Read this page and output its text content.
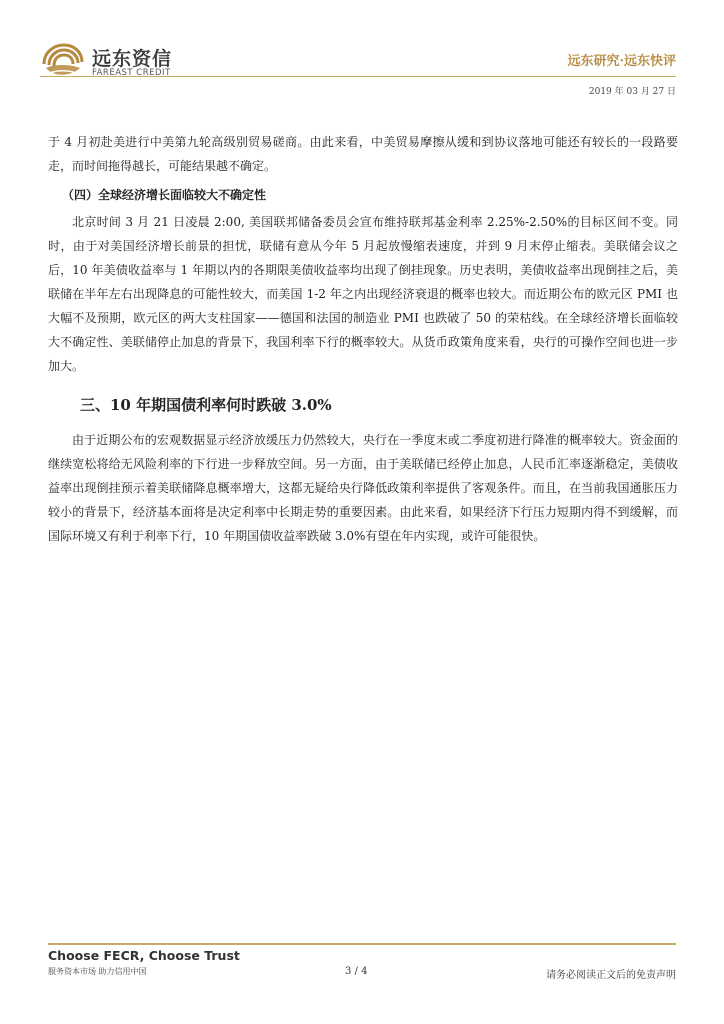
远东资信
FAREAST CREDIT
远东研究·远东快评
2019 年 03 月 27 日

于 4 月初赴美进行中美第九轮高级别贸易磋商。由此来看，中美贸易摩擦从缓和到协议落地可能还有较长的一段路要走，而时间拖得越长，可能结果越不确定。

（四）全球经济增长面临较大不确定性

北京时间 3 月 21 日凌晨 2:00, 美国联邦储备委员会宣布维持联邦基金利率 2.25%-2.50%的目标区间不变。同时，由于对美国经济增长前景的担忧，联储有意从今年 5 月起放慢缩表速度，并到 9 月末停止缩表。美联储会议之后，10 年美债收益率与 1 年期以内的各期限美债收益率均出现了倒挂现象。历史表明，美债收益率出现倒挂之后，美联储在半年左右出现降息的可能性较大，而美国 1-2 年之内出现经济衰退的概率也较大。而近期公布的欧元区 PMI 也大幅不及预期，欧元区的两大支柱国家——德国和法国的制造业 PMI 也跌破了 50 的荣枯线。在全球经济增长面临较大不确定性、美联储停止加息的背景下，我国利率下行的概率较大。从货币政策角度来看，央行的可操作空间也进一步加大。

三、10 年期国债利率何时跌破 3.0%

由于近期公布的宏观数据显示经济放缓压力仍然较大，央行在一季度末或二季度初进行降准的概率较大。资金面的继续宽松将给无风险利率的下行进一步释放空间。另一方面，由于美联储已经停止加息，人民币汇率逐渐稳定，美债收益率出现倒挂预示着美联储降息概率增大，这都无疑给央行降低政策利率提供了客观条件。而且，在当前我国通胀压力较小的背景下，经济基本面将是决定利率中长期走势的重要因素。由此来看，如果经济下行压力短期内得不到缓解，而国际环境又有利于利率下行，10 年期国债收益率跌破 3.0%有望在年内实现，或许可能很快。

Choose FECR, Choose Trust
服务资本市场 助力信用中国	3 / 4	请务必阅读正文后的免责声明
